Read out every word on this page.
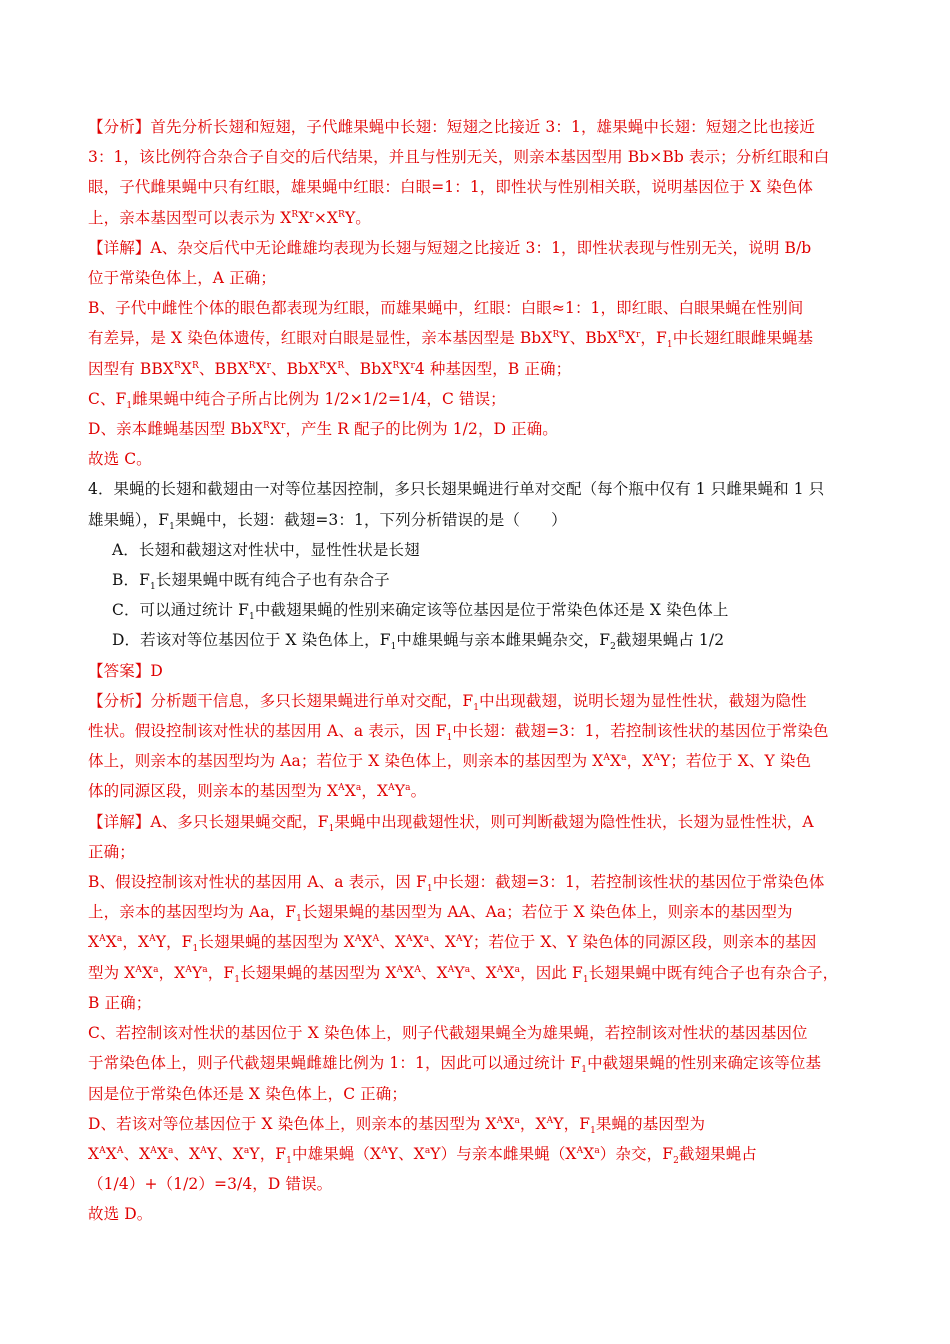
【分析】首先分析长翅和短翅，子代雌果蝇中长翅：短翅之比接近 3：1，雄果蝇中长翅：短翅之比也接近
3：1，该比例符合杂合子自交的后代结果，并且与性别无关，则亲本基因型用 Bb×Bb 表示；分析红眼和白
眼，子代雌果蝇中只有红眼，雄果蝇中红眼：白眼=1：1，即性状与性别相关联，说明基因位于 X 染色体
上，亲本基因型可以表示为 $X^RX^r\times X^RY$。
【详解】A、杂交后代中无论雌雄均表现为长翅与短翅之比接近 3：1，即性状表现与性别无关，说明 B/b
位于常染色体上，A 正确；
B、子代中雌性个体的眼色都表现为红眼，而雄果蝇中，红眼：白眼≈1：1，即红眼、白眼果蝇在性别间
有差异，是 X 染色体遗传，红眼对白眼是显性，亲本基因型是 BbX$^R$Y、$BbX^RX^r$，$F_1$中长翅红眼雌果蝇基
因型有 $BBX^RX^R$、$BBX^RX^r$、$BbX^RX^R$、$BbX^RX^r4$ 种基因型，B 正确；
C、$F_1$雌果蝇中纯合子所占比例为 1/2×1/2=1/4，C 错误；
D、亲本雌蝇基因型 $BbX^RX^r$，产生 R 配子的比例为 1/2，D 正确。
故选 C。
4．果蝇的长翅和截翅由一对等位基因控制，多只长翅果蝇进行单对交配（每个瓶中仅有 1 只雌果蝇和 1 只
雄果蝇），$F_1$果蝇中，长翅：截翅=3：1，下列分析错误的是（　　）
A．长翅和截翅这对性状中，显性性状是长翅
B．$F_1$长翅果蝇中既有纯合子也有杂合子
C．可以通过统计 $F_1$中截翅果蝇的性别来确定该等位基因是位于常染色体还是 X 染色体上
D．若该对等位基因位于 X 染色体上，$F_1$中雄果蝇与亲本雌果蝇杂交，$F_2$截翅果蝇占 1/2
【答案】D
【分析】分析题干信息，多只长翅果蝇进行单对交配，$F_1$中出现截翅，说明长翅为显性性状，截翅为隐性
性状。假设控制该对性状的基因用 A、a 表示，因 $F_1$中长翅：截翅=3：1，若控制该性状的基因位于常染色
体上，则亲本的基因型均为 Aa；若位于 X 染色体上，则亲本的基因型为 $X^AX^a$，$X^AY$；若位于 X、Y 染色
体的同源区段，则亲本的基因型为 $X^AX^a$，$X^AY^a$。
【详解】A、多只长翅果蝇交配，$F_1$果蝇中出现截翅性状，则可判断截翅为隐性性状，长翅为显性性状，A
正确；
B、假设控制该对性状的基因用 A、a 表示，因 $F_1$中长翅：截翅=3：1，若控制该性状的基因位于常染色体
上，亲本的基因型均为 Aa，$F_1$长翅果蝇的基因型为 AA、Aa；若位于 X 染色体上，则亲本的基因型为
$X^AX^a$，$X^AY$，$F_1$长翅果蝇的基因型为 $X^AX^A$、$X^AX^a$、$X^AY$；若位于 X、Y 染色体的同源区段，则亲本的基因
型为 $X^AX^a$，$X^AY^a$，$F_1$长翅果蝇的基因型为 $X^AX^A$、$X^AY^a$、$X^AX^a$，因此 $F_1$长翅果蝇中既有纯合子也有杂合子，
B 正确；
C、若控制该对性状的基因位于 X 染色体上，则子代截翅果蝇全为雄果蝇，若控制该对性状的基因基因位
于常染色体上，则子代截翅果蝇雌雄比例为 1：1，因此可以通过统计 $F_1$中截翅果蝇的性别来确定该等位基
因是位于常染色体还是 X 染色体上，C 正确；
D、若该对等位基因位于 X 染色体上，则亲本的基因型为 $X^AX^a$，$X^AY$，$F_1$果蝇的基因型为
$X^AX^A$、$X^AX^a$、$X^AY$、$X^aY$，$F_1$中雄果蝇（$X^AY$、$X^aY$）与亲本雌果蝇$(X^AX^a)$杂交，$F_2$截翅果蝇占
（1/4）+（1/2）=3/4，D 错误。
故选 D。
